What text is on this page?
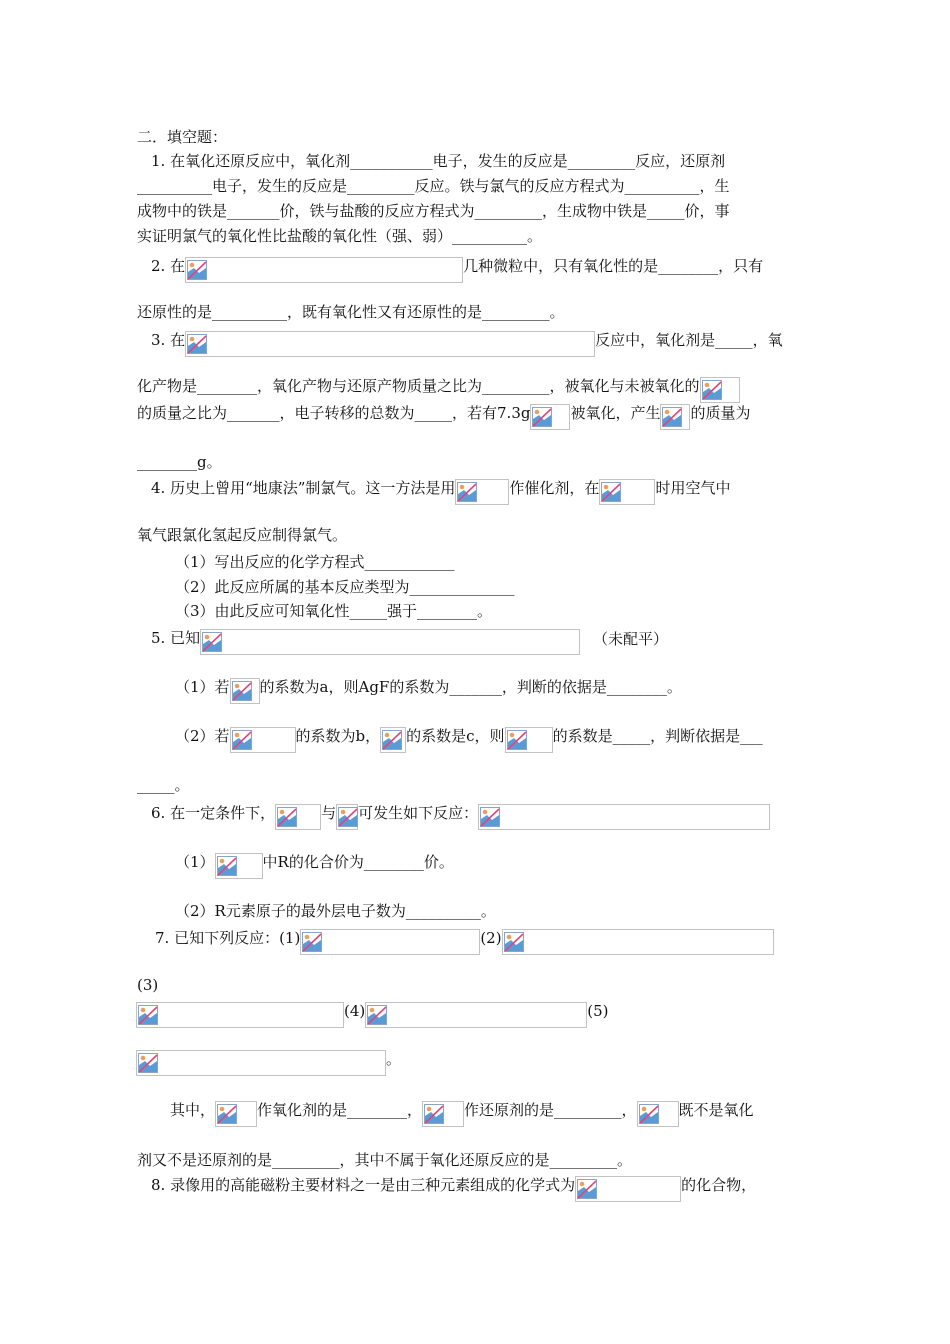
二．填空题：
1. 在氧化还原反应中，氧化剂___________电子，发生的反应是_________反应，还原剂
__________电子，发生的反应是_________反应。铁与氯气的反应方程式为__________，生
成物中的铁是_______价，铁与盐酸的反应方程式为_________，生成物中铁是_____价，事
实证明氯气的氧化性比盐酸的氧化性（强、弱）__________。
2. 在	几种微粒中，只有氧化性的是________，只有
还原性的是__________，既有氧化性又有还原性的是_________。
3. 在	反应中，氧化剂是_____，氧
化产物是________，氧化产物与还原产物质量之比为_________，被氧化与未被氧化的
的质量之比为_______，电子转移的总数为_____，若有7.3g	被氧化，产生 的质量为
________g。
4. 历史上曾用“地康法”制氯气。这一方法是用	作催化剂，在	时用空气中
氧气跟氯化氢起反应制得氯气。
（1）写出反应的化学方程式____________
（2）此反应所属的基本反应类型为______________
（3）由此反应可知氧化性_____强于________。
5. 已知	（未配平）
（1）若 的系数为a，则AgF的系数为_______，判断的依据是________。
（2）若	的系数为b， 的系数是c，则	的系数是_____，判断依据是___
_____。
6. 在一定条件下，	与 可发生如下反应：
（1）	中R的化合价为________价。
（2）R元素原子的最外层电子数为__________。
7. 已知下列反应：(1)	(2)
(3)
(4)	(5)
。
其中，	作氧化剂的是________，	作还原剂的是_________，	既不是氧化
剂又不是还原剂的是_________，其中不属于氧化还原反应的是_________。
8. 录像用的高能磁粉主要材料之一是由三种元素组成的化学式为	的化合物，
